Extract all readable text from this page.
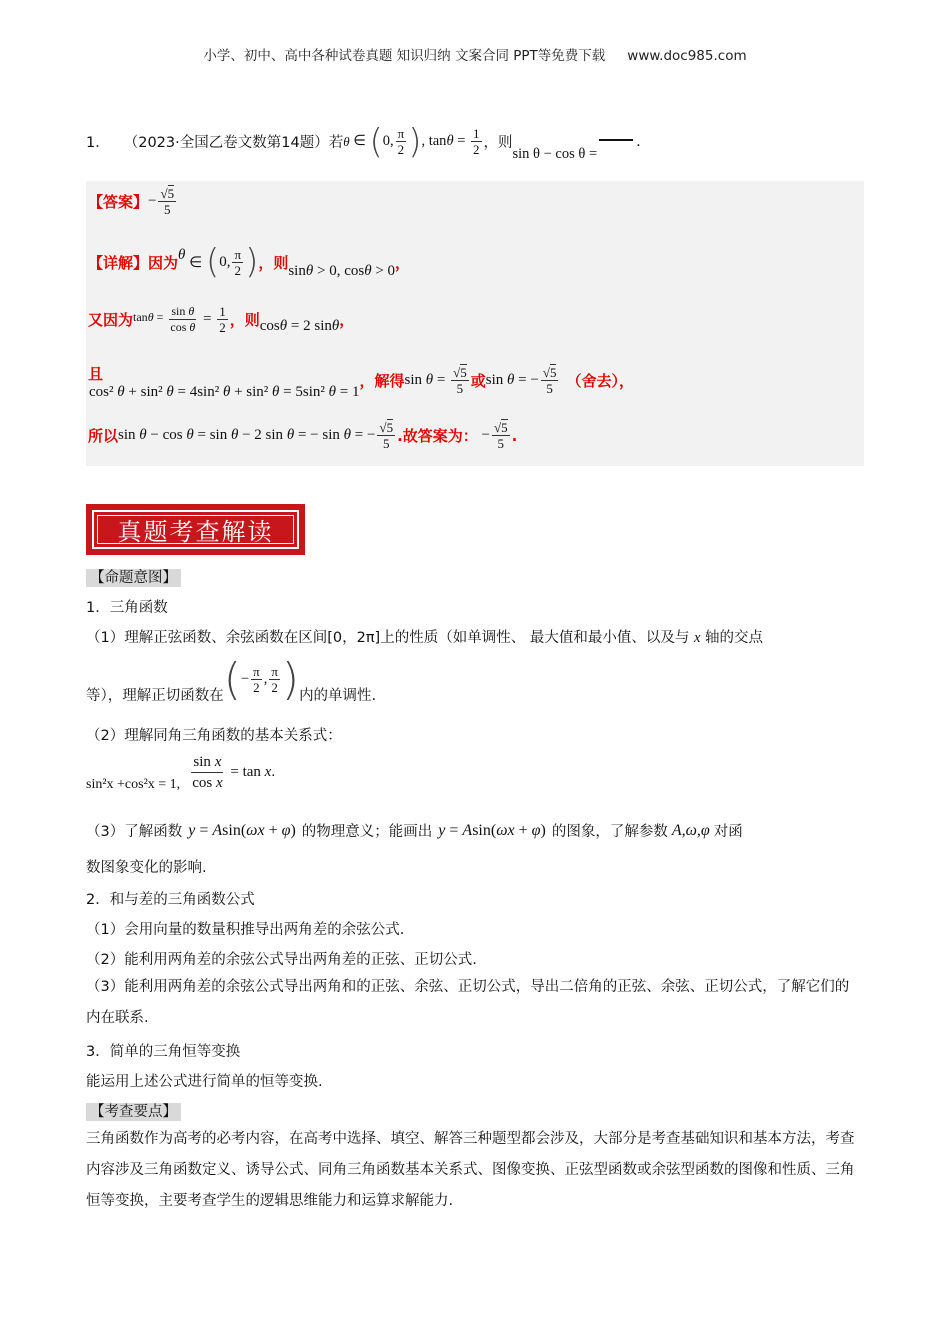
小学、初中、高中各种试卷真题 知识归纳 文案合同 PPT等免费下载 www.doc985.com
1． （2023·全国乙卷文数第14题） 若 θ ∈ ( 0, $\frac{\pi}{2}$ ) , $\tan \theta = \frac{1}{2}$ ，则
sin θ − cos θ =
.
【答案】 − $\frac{√5}{5}$
【详解】因为 θ ∈ ( 0, $\frac{\pi}{2}$ ) ，则 sin θ > 0, cos θ > 0 ，
又因为 $\tan \theta = \frac{\text{sin θ}}{\text{cos θ}} = \frac{1}{2}$ ，则 cos θ = 2 sin θ ，
且
cos² θ + sin² θ = 4sin² θ + sin² θ = 5sin² θ = 1
，解得 $\sin \theta = \frac{√5}{5}$ 或 sin θ = − $\frac{√5}{5}$ （舍去），
所以 sin θ − cos θ = sin θ − 2 sin θ = − sin θ = − $\frac{√5}{5}$ .故答案为： − $\frac{√5}{5}$ .
真题考查解读
【命题意图】
1．三角函数
（1）理解正弦函数、余弦函数在区间[0，2π]上的性质（如单调性、 最大值和最小值、以及与 x 轴的交点
等），理解正切函数在 ( − $\frac{\pi}{2}$ , $\frac{\pi}{2}$ ) 内的单调性.
（2）理解同角三角函数的基本关系式：
sin²x +cos²x = 1, $\frac{\text{sin x}}{\text{cos x}} = \tan x$.
（3）了解函数 y = Asin(ωx + φ) 的物理意义；能画出 y = Asin(ωx + φ) 的图象，了解参数 A,ω,φ 对函
数图象变化的影响.
2．和与差的三角函数公式
（1）会用向量的数量积推导出两角差的余弦公式.
（2）能利用两角差的余弦公式导出两角差的正弦、正切公式.
（3）能利用两角差的余弦公式导出两角和的正弦、余弦、正切公式，导出二倍角的正弦、余弦、正切公式，了解它们的内在联系.
3．简单的三角恒等变换
能运用上述公式进行简单的恒等变换.
【考查要点】
三角函数作为高考的必考内容，在高考中选择、填空、解答三种题型都会涉及，大部分是考查基础知识和基本方法，考查内容涉及三角函数定义、诱导公式、同角三角函数基本关系式、图像变换、正弦型函数或余弦型函数的图像和性质、三角恒等变换，主要考查学生的逻辑思维能力和运算求解能力.
